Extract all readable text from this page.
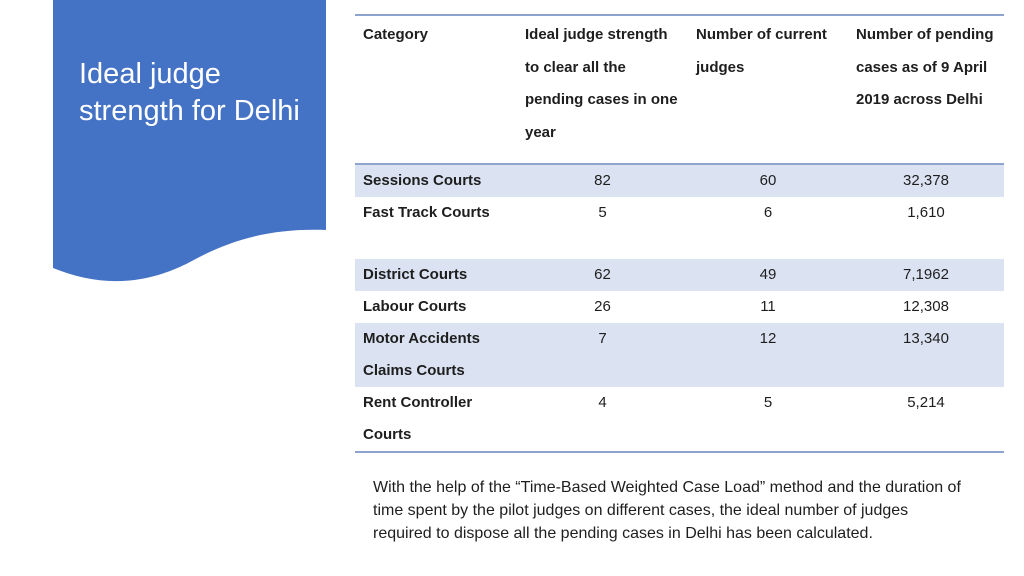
Ideal judge strength for Delhi
Category	Ideal judge strength to clear all the pending cases in one year	Number of current judges	Number of pending cases as of 9 April 2019 across Delhi
Sessions Courts	82	60	32,378
Fast Track Courts	5	6	1,610

District Courts	62	49	7,1962
Labour Courts	26	11	12,308
Motor Accidents Claims Courts	7	12	13,340
Rent Controller Courts	4	5	5,214
With the help of the “Time-Based Weighted Case Load” method and the duration of time spent by the pilot judges on different cases, the ideal number of judges required to dispose all the pending cases in Delhi has been calculated.
